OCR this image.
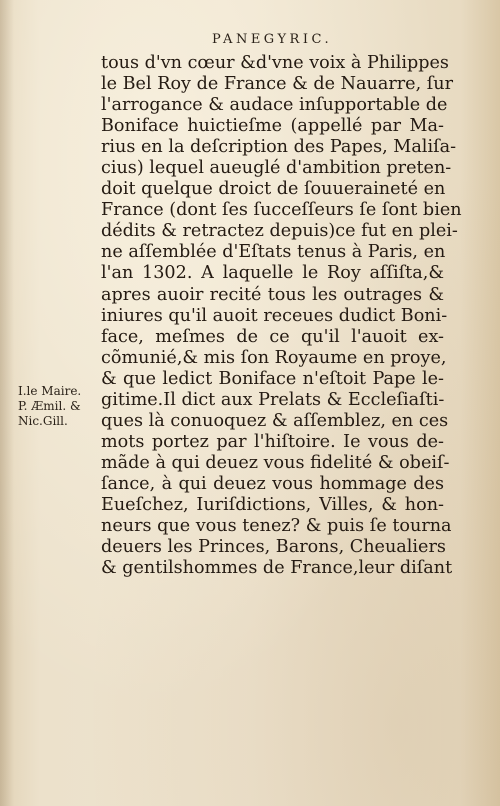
PANEGYRIC.
tous d'vn cœur &d'vne voix à Philippes
le Bel Roy de France & de Nauarre, ſur
l'arrogance & audace inſupportable de
Boniface huictieſme (appellé par Ma-
rius en la deſcription des Papes, Maliſa-
cius) lequel aueuglé d'ambition preten-
doit quelque droict de ſouueraineté en
France (dont ſes ſucceſſeurs ſe ſont bien
dédits & retractez depuis)ce fut en plei-
ne aſſemblée d'Eſtats tenus à Paris, en
l'an 1302. A laquelle le Roy aſſiſta,&
apres auoir recité tous les outrages &
iniures qu'il auoit receues dudict Boni-
face, meſmes de ce qu'il l'auoit ex-
cõmunié,& mis ſon Royaume en proye,
& que ledict Boniface n'eſtoit Pape le-
gitime.Il dict aux Prelats & Eccleſiaſti-
ques là conuoquez & aſſemblez, en ces
mots portez par l'hiſtoire. Ie vous de-
mãde à qui deuez vous fidelité & obeiſ-
ſance, à qui deuez vous hommage des
Eueſchez, Iuriſdictions, Villes, & hon-
neurs que vous tenez? & puis ſe tourna
deuers les Princes, Barons, Cheualiers
& gentilshommes de France,leur diſant
I.le Maire.
P. Æmil. &
Nic.Gill.
